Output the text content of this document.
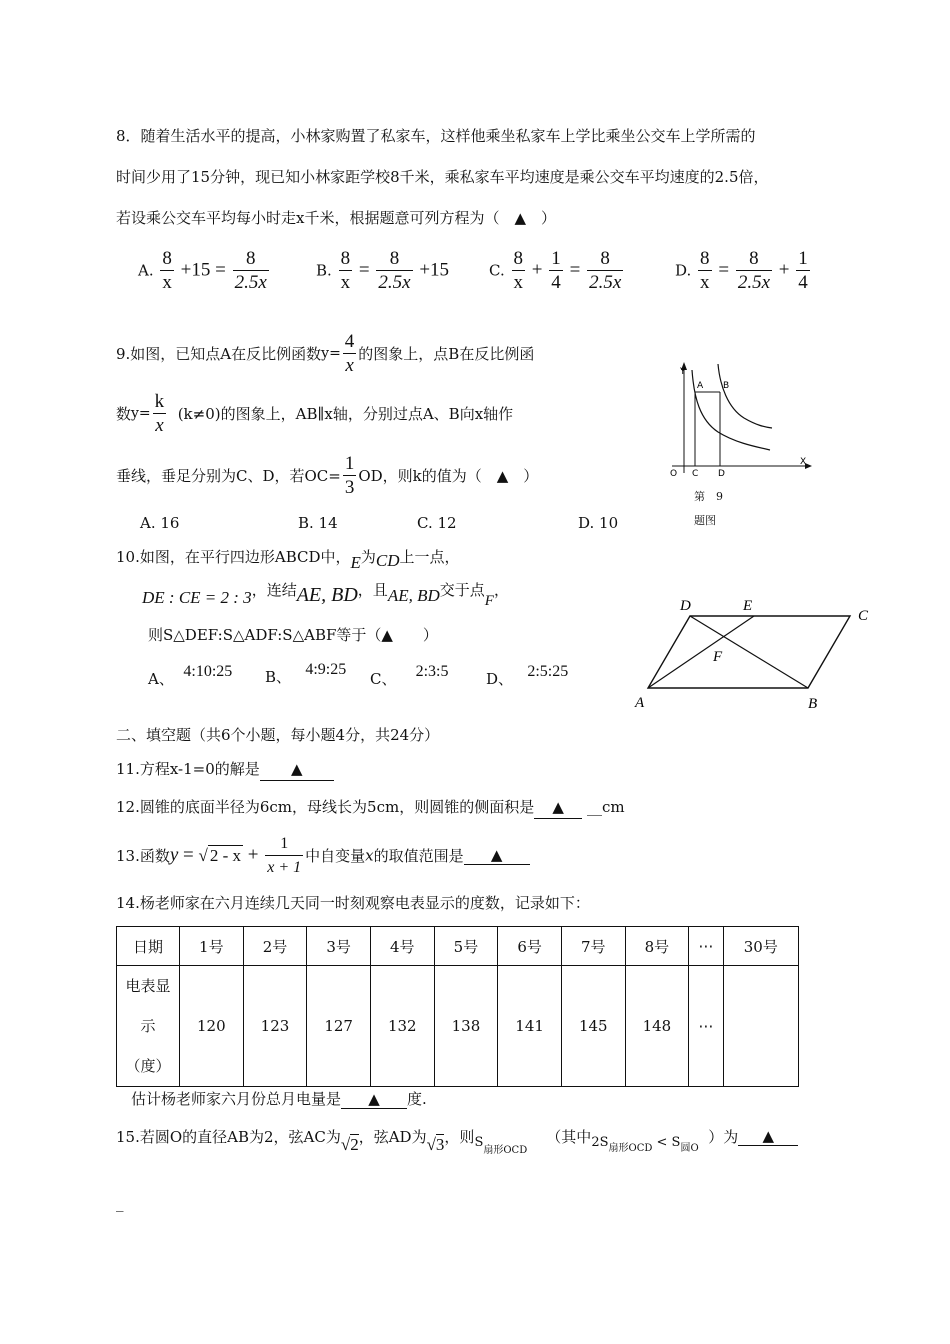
8．随着生活水平的提高，小林家购置了私家车，这样他乘坐私家车上学比乘坐公交车上学所需的
时间少用了15分钟，现已知小林家距学校8千米，乘私家车平均速度是乘公交车平均速度的2.5倍，
若设乘公交车平均每小时走x千米，根据题意可列方程为（　▲　）
A. $\frac{8}{x} +15 = \frac{8}{2.5x}$	B. $\frac{8}{x} = \frac{8}{2.5x} +15$	C. $\frac{8}{x} + \frac{1}{4} = \frac{8}{2.5x}$	D. $\frac{8}{x} = \frac{8}{2.5x} + \frac{1}{4}$
9.如图，已知点A在反比例函数$y= \frac{4}{x}$ 的图象上，点B在反比例函
数$y= \frac{k}{x} (k\ne 0)$的图象上，AB∥x轴，分别过点A、B向x轴作
垂线，垂足分别为C、D，若$OC= \frac{1}{3}$ OD，则k的值为（　▲　）
A. 16	B. 14	C. 12	D. 10
Y
X
O C D
A B
第　9
题图
10.如图，在平行四边形ABCD中，E为CD上一点，
DE : CE = 2 : 3，连结AE, BD，且AE, BD交于点F，
则S△DEF:S△ADF:S△ABF等于（▲　　）
A、 4:10:25 B、 4:9:25
C、 2:3:5	D、 2:5:25
D	E
C
A	B
F
二、填空题（共6个小题，每小题4分，共24分）
11.方程x-1=0的解是 ▲
12.圆锥的底面半径为6cm，母线长为5cm，则圆锥的侧面积是 ▲ __cm
13.函数y = √ $2 - x + \frac{1}{x + 1}$ 中自变量x的取值范围是 ▲
14.杨老师家在六月连续几天同一时刻观察电表显示的度数，记录如下：
日期	1号	2号	3号	4号	5号	6号	7号	8号	⋯	30号

电表显
示
（度）	120	123	127	132	138	141	145	148	⋯	
估计杨老师家六月份总月电量是 ▲ 度.
15.若圆O的直径AB为2，弦AC为√2，弦AD为√3，则$S_{扇形OCD}$    （其中$2S_{扇形OCD} < S_{圆O}$  ）为 ▲
_
